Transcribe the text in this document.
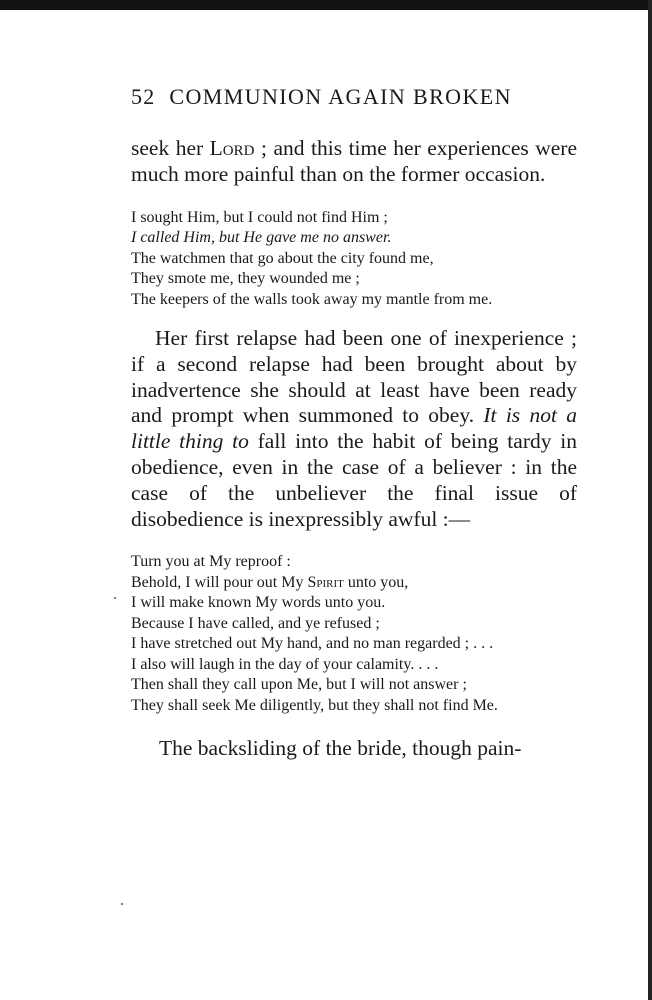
52 COMMUNION AGAIN BROKEN

seek her Lord ; and this time her experiences were much more painful than on the former occasion.

I sought Him, but I could not find Him ;
I called Him, but He gave me no answer.
The watchmen that go about the city found me,
They smote me, they wounded me ;
The keepers of the walls took away my mantle from me.

Her first relapse had been one of inexperience ; if a second relapse had been brought about by inadvertence she should at least have been ready and prompt when summoned to obey. It is not a little thing to fall into the habit of being tardy in obedience, even in the case of a believer : in the case of the unbeliever the final issue of disobedience is inexpressibly awful :—

Turn you at My reproof :
Behold, I will pour out My Spirit unto you,
I will make known My words unto you.
Because I have called, and ye refused ;
I have stretched out My hand, and no man regarded ; . . .
I also will laugh in the day of your calamity. . . .
Then shall they call upon Me, but I will not answer ;
They shall seek Me diligently, but they shall not find Me.

The backsliding of the bride, though pain-
